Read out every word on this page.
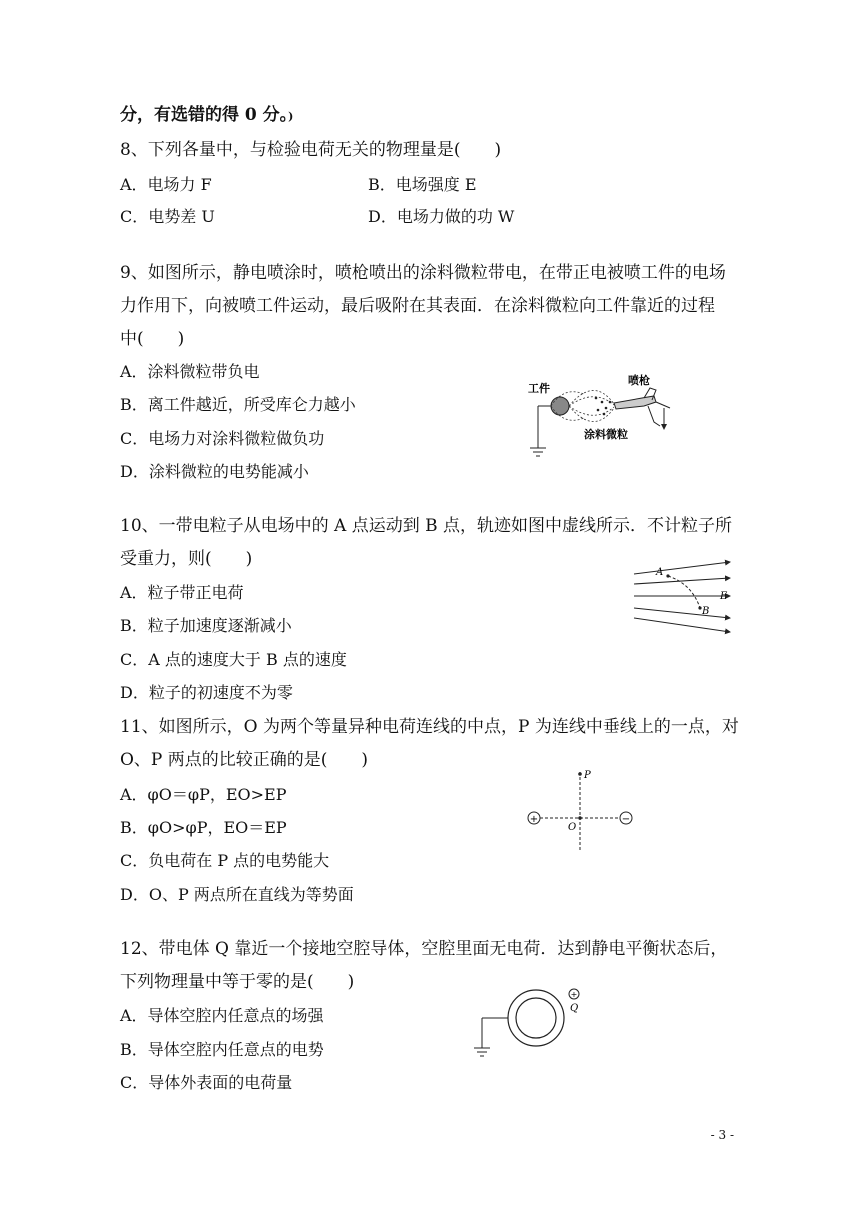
分，有选错的得 0 分。)
8、下列各量中，与检验电荷无关的物理量是(　　)
A．电场力 F	B．电场强度 E
C．电势差 U	D．电场力做的功 W
9、如图所示，静电喷涂时，喷枪喷出的涂料微粒带电，在带正电被喷工件的电场
力作用下，向被喷工件运动，最后吸附在其表面．在涂料微粒向工件靠近的过程
中(　　)
A．涂料微粒带负电
B．离工件越近，所受库仑力越小
C．电场力对涂料微粒做负功
D．涂料微粒的电势能减小
工件
喷枪
涂料微粒
10、一带电粒子从电场中的 A 点运动到 B 点，轨迹如图中虚线所示．不计粒子所
受重力，则(　　)
A．粒子带正电荷
B．粒子加速度逐渐减小
C．A 点的速度大于 B 点的速度
D．粒子的初速度不为零
A
B
E
11、如图所示，O 为两个等量异种电荷连线的中点，P 为连线中垂线上的一点，对
O、P 两点的比较正确的是(　　)
A．φO＝φP，EO>EP
B．φO>φP，EO＝EP
C．负电荷在 P 点的电势能大
D．O、P 两点所在直线为等势面
+	−
P
O
12、带电体 Q 靠近一个接地空腔导体，空腔里面无电荷．达到静电平衡状态后，
下列物理量中等于零的是(　　)
A．导体空腔内任意点的场强
B．导体空腔内任意点的电势
C．导体外表面的电荷量
+
Q
- 3 -
